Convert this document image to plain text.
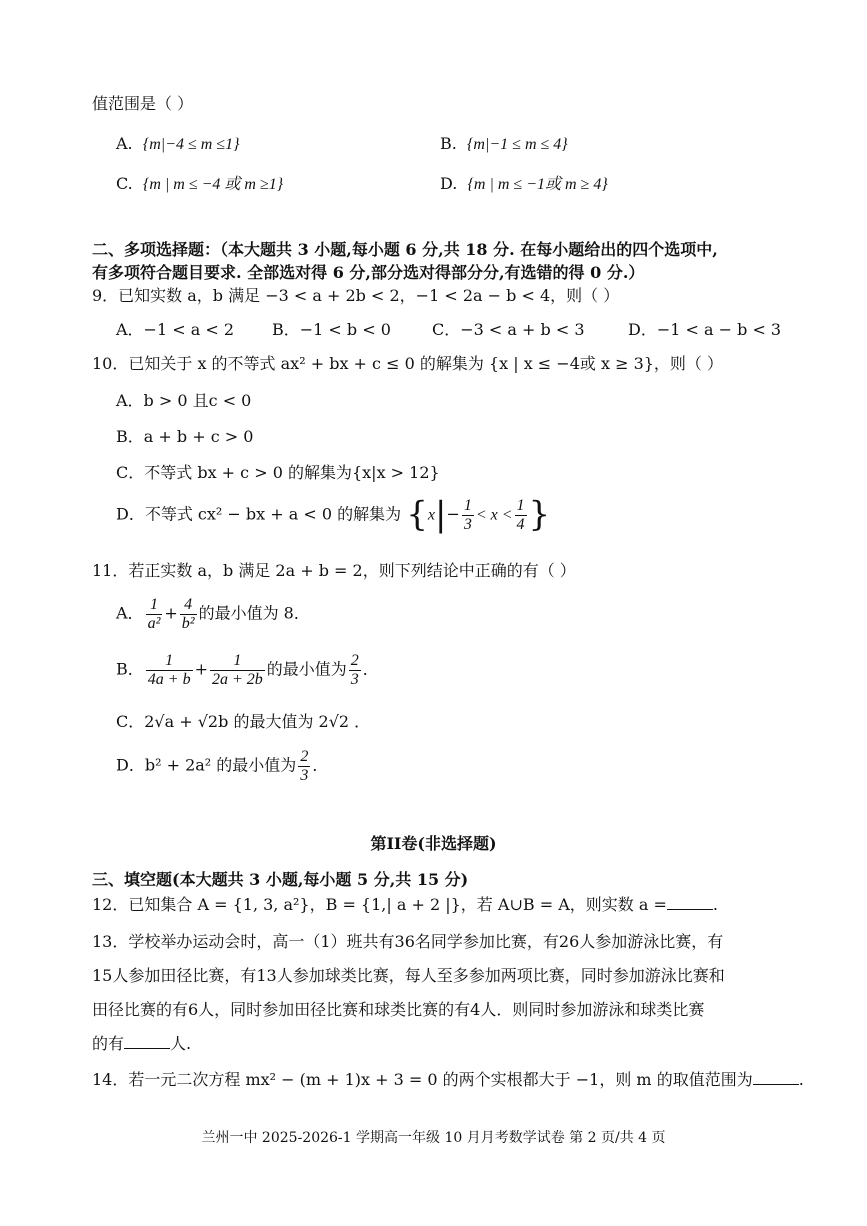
值范围是（ ）
A. {m|−4 ≤ m ≤1}	B. {m|−1 ≤ m ≤ 4}
C. {m | m ≤ −4 或 m ≥1}	D. {m | m ≤ −1或 m ≥ 4}
二、多项选择题：（本大题共 3 小题,每小题 6 分,共 18 分. 在每小题给出的四个选项中,
有多项符合题目要求. 全部选对得 6 分,部分选对得部分分,有选错的得 0 分.）
9．已知实数 a，b 满足 −3 < a + 2b < 2，−1 < 2a − b < 4，则（ ）
A．−1 < a < 2 B．−1 < b < 0	C．−3 < a + b < 3	D．−1 < a − b < 3
10．已知关于 x 的不等式 ax² + bx + c ≤ 0 的解集为 {x | x ≤ −4或 x ≥ 3}，则（ ）
A．b > 0 且c < 0
B．a + b + c > 0
C．不等式 bx + c > 0 的解集为{x|x > 12}
D．不等式 cx² − bx + a < 0 的解集为 {$x|- \frac{1}{3} < x < \frac{1}{4}$ }
11．若正实数 a，b 满足 2a + b = 2，则下列结论中正确的有（ ）
A． $\frac{1}{\text{a²}} + \frac{4}{\text{b²}}$ 的最小值为 8．
B． $\frac{1}{4a + b} + \frac{1}{2a + 2b}$ 的最小值为 $\frac{2}{3}$ ．
C．2√a + √2b 的最大值为 2√2 ．
D．b² + 2a² 的最小值为 $\frac{2}{3}$ ．
第II卷(非选择题)
三、填空题(本大题共 3 小题,每小题 5 分,共 15 分)
12．已知集合 A = {1, 3, a²}，B = {1,| a + 2 |}，若 A∪B = A，则实数 a =	.
13．学校举办运动会时，高一（1）班共有36名同学参加比赛，有26人参加游泳比赛，有
15人参加田径比赛，有13人参加球类比赛，每人至多参加两项比赛，同时参加游泳比赛和
田径比赛的有6人，同时参加田径比赛和球类比赛的有4人．则同时参加游泳和球类比赛
的有	人.
14．若一元二次方程 mx² − (m + 1)x + 3 = 0 的两个实根都大于 −1，则 m 的取值范围为	.
兰州一中 2025-2026-1 学期高一年级 10 月月考数学试卷 第 2 页/共 4 页
